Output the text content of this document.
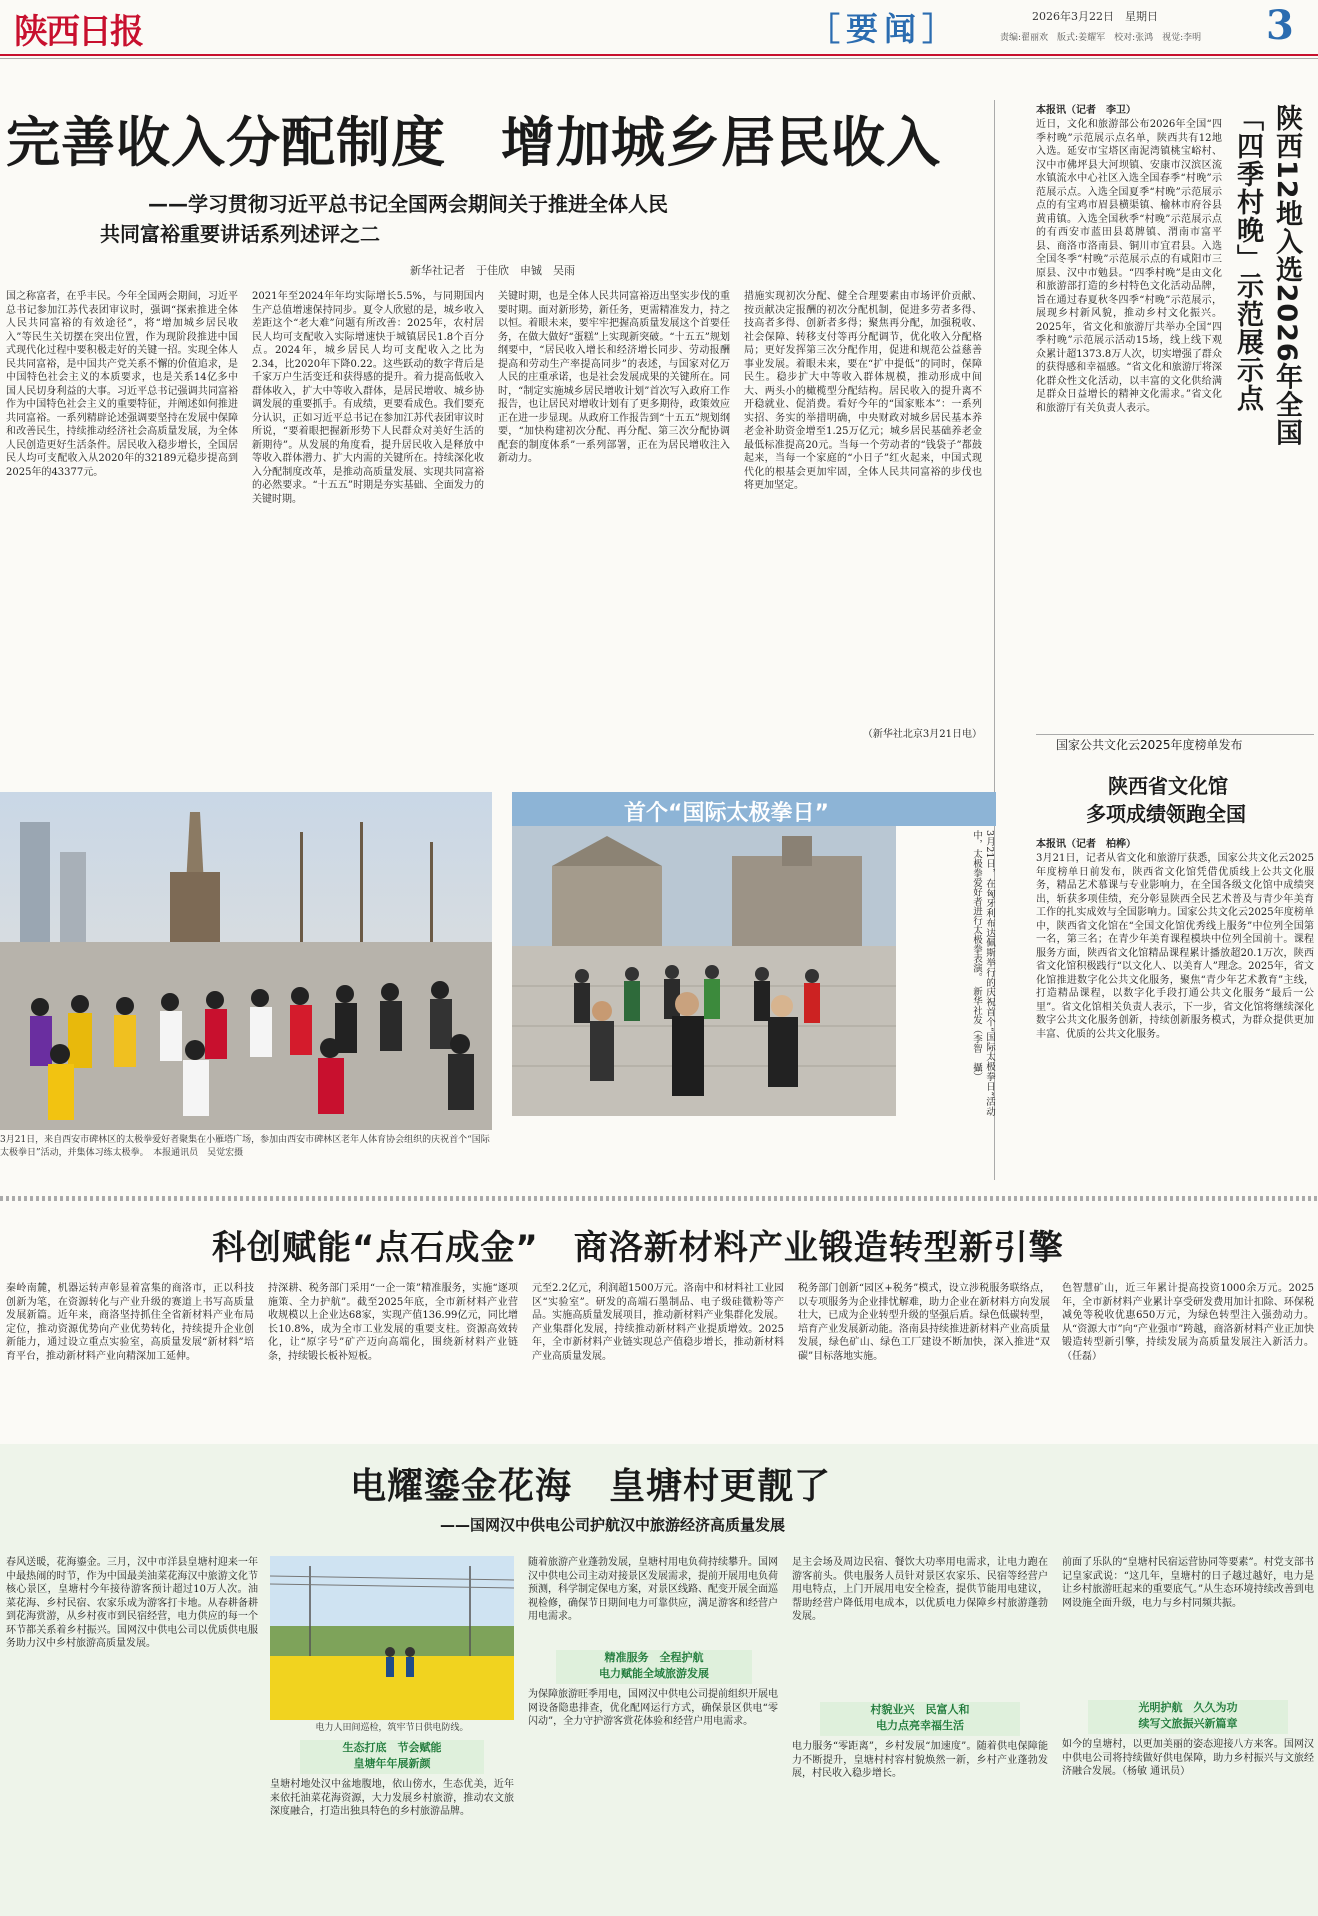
陕西日报	［要闻］	2026年3月22日　星期日
责编:翟丽欢　版式:姜耀军　校对:张鸿　视觉:李明 3
完善收入分配制度　增加城乡居民收入
——学习贯彻习近平总书记全国两会期间关于推进全体人民
共同富裕重要讲话系列述评之二
新华社记者　于佳欣　申铖　吴雨
国之称富者，在乎丰民。今年全国两会期间，习近平总书记参加江苏代表团审议时，强调“探索推进全体人民共同富裕的有效途径”，将“增加城乡居民收入”等民生关切摆在突出位置，作为现阶段推进中国式现代化过程中要积极走好的关键一招。实现全体人民共同富裕，是中国共产党关系不懈的价值追求，是中国特色社会主义的本质要求，也是关系14亿多中国人民切身利益的大事。习近平总书记强调共同富裕作为中国特色社会主义的重要特征，并阐述如何推进共同富裕。一系列精辟论述强调要坚持在发展中保障和改善民生，持续推动经济社会高质量发展，为全体人民创造更好生活条件。居民收入稳步增长，全国居民人均可支配收入从2020年的32189元稳步提高到2025年的43377元。
2021年至2024年年均实际增长5.5%，与同期国内生产总值增速保持同步。夏令人欣慰的是，城乡收入差距这个“老大难”问题有所改善：2025年，农村居民人均可支配收入实际增速快于城镇居民1.8个百分点。2024年，城乡居民人均可支配收入之比为2.34，比2020年下降0.22。这些跃动的数字背后是千家万户生活变迁和获得感的提升。着力提高低收入群体收入，扩大中等收入群体，是居民增收、城乡协调发展的重要抓手。有成绩，更要看成色。我们要充分认识，正如习近平总书记在参加江苏代表团审议时所说，“要着眼把握新形势下人民群众对美好生活的新期待”。从发展的角度看，提升居民收入是释放中等收入群体潜力、扩大内需的关键所在。持续深化收入分配制度改革，是推动高质量发展、实现共同富裕的必然要求。“十五五”时期是夯实基础、全面发力的关键时期。
关键时期，也是全体人民共同富裕迈出坚实步伐的重要时期。面对新形势，新任务，更需精准发力，持之以恒。着眼未来，要牢牢把握高质量发展这个首要任务，在做大做好“蛋糕”上实现新突破。“十五五”规划纲要中，“居民收入增长和经济增长同步、劳动报酬提高和劳动生产率提高同步”的表述，与国家对亿万人民的庄重承诺，也是社会发展成果的关键所在。同时，“制定实施城乡居民增收计划”首次写入政府工作报告，也让居民对增收计划有了更多期待，政策效应正在进一步显现。从政府工作报告到“十五五”规划纲要，“加快构建初次分配、再分配、第三次分配协调配套的制度体系”一系列部署，正在为居民增收注入新动力。
措施实现初次分配、健全合理要素由市场评价贡献、按贡献决定报酬的初次分配机制，促进多劳者多得、技高者多得、创新者多得；聚焦再分配，加强税收、社会保障、转移支付等再分配调节，优化收入分配格局；更好发挥第三次分配作用，促进和规范公益慈善事业发展。着眼未来，要在“扩中提低”的同时，保障民生。稳步扩大中等收入群体规模，推动形成中间大、两头小的橄榄型分配结构。居民收入的提升离不开稳就业、促消费。看好今年的“国家账本”：一系列实招、务实的举措明确，中央财政对城乡居民基本养老金补助资金增至1.25万亿元；城乡居民基础养老金最低标准提高20元。当每一个劳动者的“钱袋子”都鼓起来，当每一个家庭的“小日子”红火起来，中国式现代化的根基会更加牢固，全体人民共同富裕的步伐也将更加坚定。
（新华社北京3月21日电）
陕西12地入选2026年全国「四季村晚」示范展示点
本报讯（记者　李卫）
近日，文化和旅游部公布2026年全国“四季村晚”示范展示点名单，陕西共有12地入选。延安市宝塔区南泥湾镇桃宝峪村、汉中市佛坪县大河坝镇、安康市汉滨区流水镇流水中心社区入选全国春季“村晚”示范展示点。入选全国夏季“村晚”示范展示点的有宝鸡市眉县横渠镇、榆林市府谷县黄甫镇。入选全国秋季“村晚”示范展示点的有西安市蓝田县葛牌镇、渭南市富平县、商洛市洛南县、铜川市宜君县。入选全国冬季“村晚”示范展示点的有咸阳市三原县、汉中市勉县。“四季村晚”是由文化和旅游部打造的乡村特色文化活动品牌，旨在通过春夏秋冬四季“村晚”示范展示，展现乡村新风貌，推动乡村文化振兴。2025年，省文化和旅游厅共举办全国“四季村晚”示范展示活动15场，线上线下观众累计超1373.8万人次，切实增强了群众的获得感和幸福感。“省文化和旅游厅将深化群众性文化活动，以丰富的文化供给满足群众日益增长的精神文化需求。”省文化和旅游厅有关负责人表示。
国家公共文化云2025年度榜单发布
陕西省文化馆
多项成绩领跑全国
本报讯（记者　柏桦）
3月21日，记者从省文化和旅游厅获悉，国家公共文化云2025年度榜单日前发布，陕西省文化馆凭借优质线上公共文化服务，精品艺术慕课与专业影响力，在全国各级文化馆中成绩突出，斩获多项佳绩，充分彰显陕西全民艺术普及与青少年美育工作的扎实成效与全国影响力。国家公共文化云2025年度榜单中，陕西省文化馆在“全国文化馆优秀线上服务”中位列全国第一名，第三名；在青少年美育课程模块中位列全国前十。课程服务方面，陕西省文化馆精品课程累计播放超20.1万次，陕西省文化馆积极践行“以文化人、以美育人”理念。2025年，省文化馆推进数字化公共文化服务，聚焦“青少年艺术教育”主线，打造精品课程，以数字化手段打通公共文化服务“最后一公里”。省文化馆相关负责人表示，下一步，省文化馆将继续深化数字公共文化服务创新，持续创新服务模式，为群众提供更加丰富、优质的公共文化服务。
3月21日，来自西安市碑林区的太极拳爱好者聚集在小雁塔广场，参加由西安市碑林区老年人体育协会组织的庆祝首个“国际太极拳日”活动，并集体习练太极拳。　本报通讯员　吴觉宏摄
首个“国际太极拳日”
3月21日，在匈牙利布达佩斯举行的庆祝首个“国际太极拳日”活动中，太极拳爱好者进行太极拳表演。　新华社发（李智　攝）
科创赋能“点石成金”　商洛新材料产业锻造转型新引擎
秦岭南麓，机器运转声彰显着富集的商洛市，正以科技创新为笔，在资源转化与产业升级的赛道上书写高质量发展新篇。近年来，商洛坚持抓住全省新材料产业布局定位，推动资源优势向产业优势转化，持续提升企业创新能力，通过设立重点实验室，高质量发展“新材料”培育平台，推动新材料产业向精深加工延伸。
持深耕、税务部门采用“一企一策”精准服务，实施“逐项施策、全力护航”。截至2025年底，全市新材料产业营收规模以上企业达68家，实现产值136.99亿元，同比增长10.8%，成为全市工业发展的重要支柱。资源高效转化，让“原字号”矿产迈向高端化，围绕新材料产业链条，持续锻长板补短板。
元至2.2亿元，利润超1500万元。洛南中和材料社工业园区“实验室”。研发的高端石墨制品、电子级硅微粉等产品。实施高质量发展项目，推动新材料产业集群化发展。产业集群化发展，持续推动新材料产业提质增效。2025年，全市新材料产业链实现总产值稳步增长，推动新材料产业高质量发展。
税务部门创新“园区+税务”模式，设立涉税服务联络点，以专项服务为企业排忧解难，助力企业在新材料方向发展壮大，已成为企业转型升级的坚强后盾。绿色低碳转型，培育产业发展新动能。洛南县持续推进新材料产业高质量发展，绿色矿山、绿色工厂建设不断加快，深入推进“双碳”目标落地实施。
色智慧矿山，近三年累计提高投资1000余万元。2025年，全市新材料产业累计享受研发费用加计扣除、环保税减免等税收优惠650万元，为绿色转型注入强劲动力。从“资源大市”向“产业强市”跨越，商洛新材料产业正加快锻造转型新引擎，持续发展为高质量发展注入新活力。（任磊）
电耀鎏金花海　皇塘村更靓了
——国网汉中供电公司护航汉中旅游经济高质量发展
春风送暖，花海鎏金。三月，汉中市洋县皇塘村迎来一年中最热闹的时节，作为中国最美油菜花海汉中旅游文化节核心景区，皇塘村今年接待游客预计超过10万人次。油菜花海、乡村民宿、农家乐成为游客打卡地。从春耕备耕到花海赏游，从乡村夜市到民宿经营，电力供应的每一个环节都关系着乡村振兴。国网汉中供电公司以优质供电服务助力汉中乡村旅游高质量发展。
电力人田间巡检，筑牢节日供电防线。
生态打底　节会赋能
皇塘年年展新颜
皇塘村地处汉中盆地腹地，依山傍水，生态优美，近年来依托油菜花海资源，大力发展乡村旅游，推动农文旅深度融合，打造出独具特色的乡村旅游品牌。
随着旅游产业蓬勃发展，皇塘村用电负荷持续攀升。国网汉中供电公司主动对接景区发展需求，提前开展用电负荷预测，科学制定保电方案，对景区线路、配变开展全面巡视检修，确保节日期间电力可靠供应，满足游客和经营户用电需求。
精准服务　全程护航
电力赋能全域旅游发展
为保障旅游旺季用电，国网汉中供电公司提前组织开展电网设备隐患排查，优化配网运行方式，确保景区供电“零闪动”，全力守护游客赏花体验和经营户用电需求。
足主会场及周边民宿、餐饮大功率用电需求，让电力跑在游客前头。供电服务人员针对景区农家乐、民宿等经营户用电特点，上门开展用电安全检查，提供节能用电建议，帮助经营户降低用电成本，以优质电力保障乡村旅游蓬勃发展。
村貌业兴　民富人和
电力点亮幸福生活
电力服务“零距离”，乡村发展“加速度”。随着供电保障能力不断提升，皇塘村村容村貌焕然一新，乡村产业蓬勃发展，村民收入稳步增长。
前面了乐队的“皇塘村民宿运营协同等要素”。村党支部书记皇家武说：“这几年，皇塘村的日子越过越好，电力是让乡村旅游旺起来的重要底气。”从生态环境持续改善到电网设施全面升级，电力与乡村同频共振。
光明护航　久久为功
续写文旅振兴新篇章
如今的皇塘村，以更加美丽的姿态迎接八方来客。国网汉中供电公司将持续做好供电保障，助力乡村振兴与文旅经济融合发展。（杨敏 通讯员）
